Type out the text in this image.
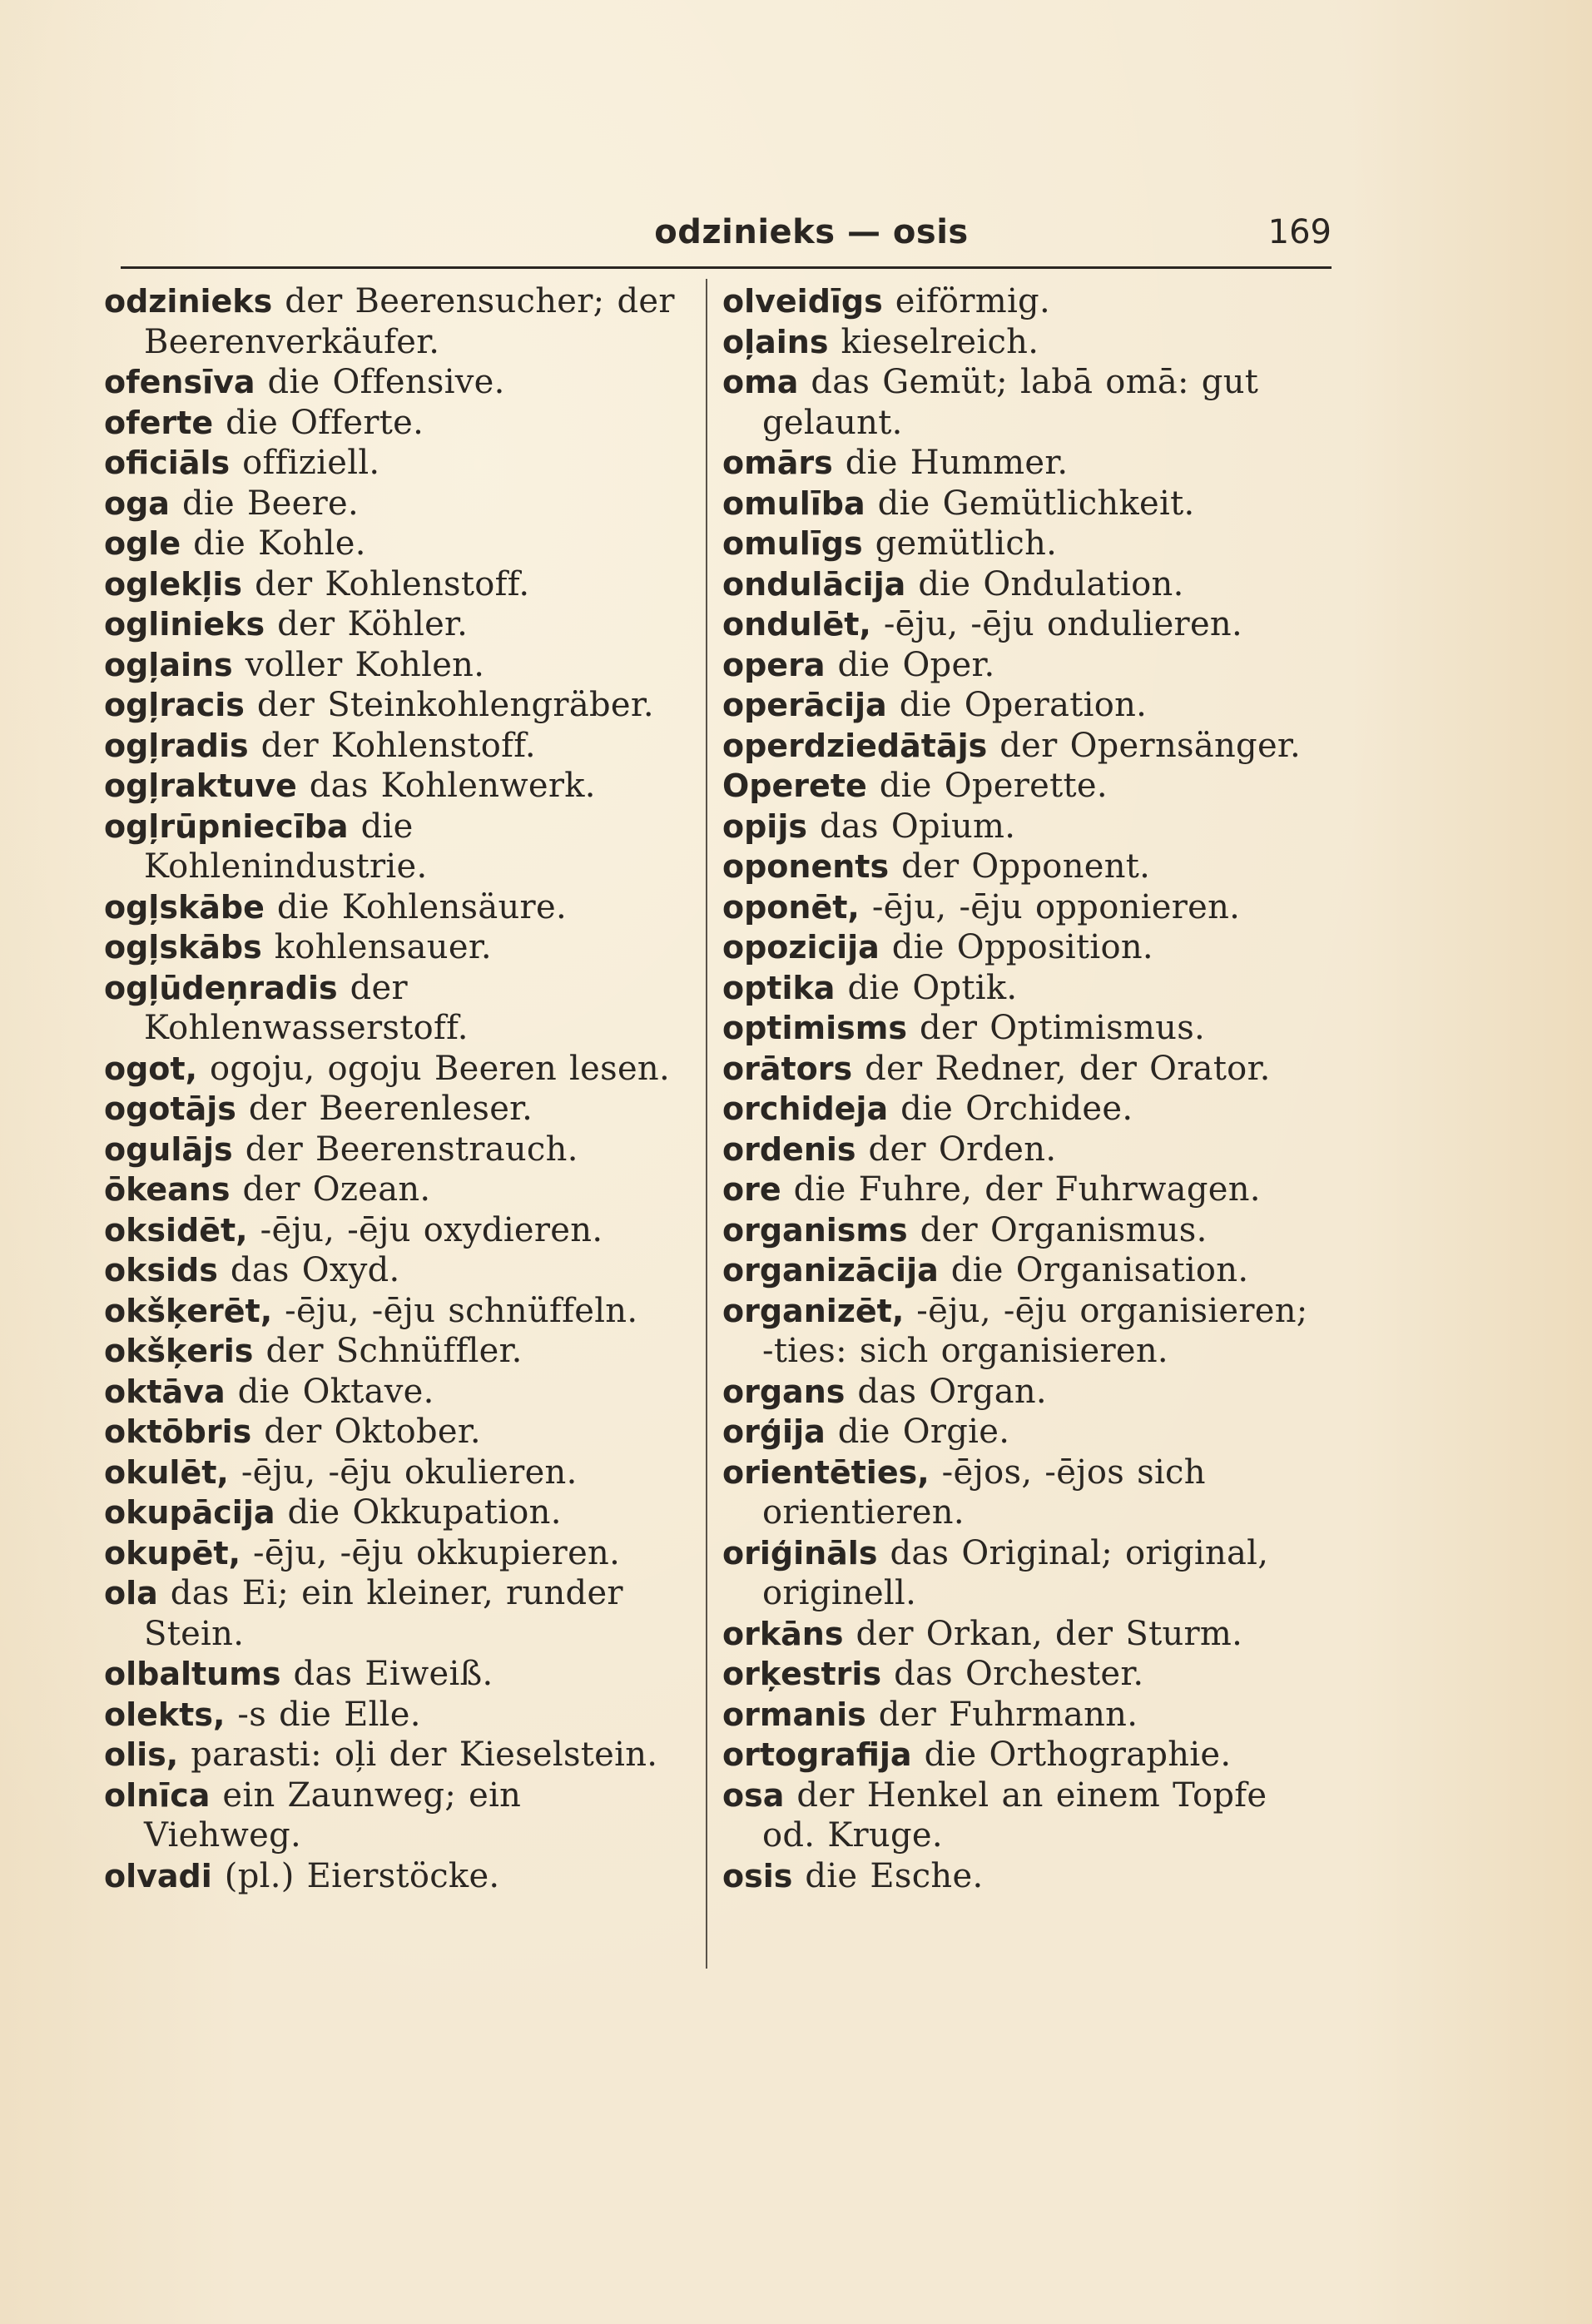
odzinieks — osis	169
odzinieks der Beerensucher; der Beerenverkäufer.
ofensīva die Offensive.
oferte die Offerte.
oficiāls offiziell.
oga die Beere.
ogle die Kohle.
oglekļis der Kohlenstoff.
oglinieks der Köhler.
ogļains voller Kohlen.
ogļracis der Steinkohlengräber.
ogļradis der Kohlenstoff.
ogļraktuve das Kohlenwerk.
ogļrūpniecība die Kohlenindustrie.
ogļskābe die Kohlensäure.
ogļskābs kohlensauer.
ogļūdeņradis der Kohlenwasserstoff.
ogot, ogoju, ogoju Beeren lesen.
ogotājs der Beerenleser.
ogulājs der Beerenstrauch.
ōkeans der Ozean.
oksidēt, -ēju, -ēju oxydieren.
oksids das Oxyd.
okšķerēt, -ēju, -ēju schnüffeln.
okšķeris der Schnüffler.
oktāva die Oktave.
oktōbris der Oktober.
okulēt, -ēju, -ēju okulieren.
okupācija die Okkupation.
okupēt, -ēju, -ēju okkupieren.
ola das Ei; ein kleiner, runder Stein.
olbaltums das Eiweiß.
olekts, -s die Elle.
olis, parasti: oļi der Kieselstein.
olnīca ein Zaunweg; ein Viehweg.
olvadi (pl.) Eierstöcke.
olveidīgs eiförmig.
oļains kieselreich.
oma das Gemüt; labā omā: gut gelaunt.
omārs die Hummer.
omulība die Gemütlichkeit.
omulīgs gemütlich.
ondulācija die Ondulation.
ondulēt, -ēju, -ēju ondulieren.
opera die Oper.
operācija die Operation.
operdziedātājs der Opernsänger.
Operete die Operette.
opijs das Opium.
oponents der Opponent.
oponēt, -ēju, -ēju opponieren.
opozicija die Opposition.
optika die Optik.
optimisms der Optimismus.
orātors der Redner, der Orator.
orchideja die Orchidee.
ordenis der Orden.
ore die Fuhre, der Fuhrwagen.
organisms der Organismus.
organizācija die Organisation.
organizēt, -ēju, -ēju organisieren; -ties: sich organisieren.
organs das Organ.
orģija die Orgie.
orientēties, -ējos, -ējos sich orientieren.
oriģināls das Original; original, originell.
orkāns der Orkan, der Sturm.
orķestris das Orchester.
ormanis der Fuhrmann.
ortografija die Orthographie.
osa der Henkel an einem Topfe od. Kruge.
osis die Esche.
